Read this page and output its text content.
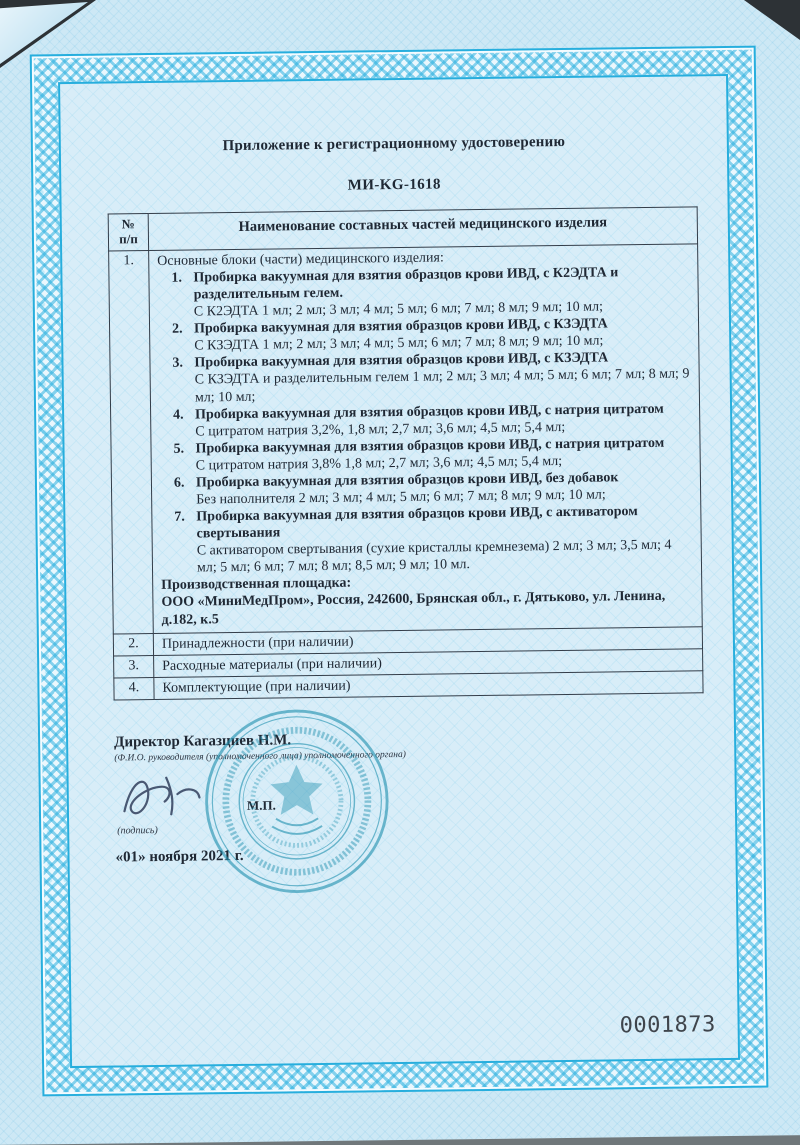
Приложение к регистрационному удостоверению
МИ-KG-1618
№
п/п	Наименование составных частей медицинского изделия
1.	Основные блоки (части) медицинского изделия:
1. Пробирка вакуумная для взятия образцов крови ИВД, с К2ЭДТА и разделительным гелем.
С К2ЭДТА 1 мл; 2 мл; 3 мл; 4 мл; 5 мл; 6 мл; 7 мл; 8 мл; 9 мл; 10 мл;
2. Пробирка вакуумная для взятия образцов крови ИВД, с КЗЭДТА
С КЗЭДТА 1 мл; 2 мл; 3 мл; 4 мл; 5 мл; 6 мл; 7 мл; 8 мл; 9 мл; 10 мл;
3. Пробирка вакуумная для взятия образцов крови ИВД, с КЗЭДТА
С КЗЭДТА и разделительным гелем 1 мл; 2 мл; 3 мл; 4 мл; 5 мл; 6 мл; 7 мл; 8 мл; 9 мл; 10 мл;
4. Пробирка вакуумная для взятия образцов крови ИВД, с натрия цитратом
С цитратом натрия 3,2%, 1,8 мл; 2,7 мл; 3,6 мл; 4,5 мл; 5,4 мл;
5. Пробирка вакуумная для взятия образцов крови ИВД, с натрия цитратом
С цитратом натрия 3,8% 1,8 мл; 2,7 мл; 3,6 мл; 4,5 мл; 5,4 мл;
6. Пробирка вакуумная для взятия образцов крови ИВД, без добавок
Без наполнителя 2 мл; 3 мл; 4 мл; 5 мл; 6 мл; 7 мл; 8 мл; 9 мл; 10 мл;
7. Пробирка вакуумная для взятия образцов крови ИВД, с активатором свертывания
С активатором свертывания (сухие кристаллы кремнезема) 2 мл; 3 мл; 3,5 мл; 4 мл; 5 мл; 6 мл; 7 мл; 8 мл; 8,5 мл; 9 мл; 10 мл.
Производственная площадка:
ООО «МиниМедПром», Россия, 242600, Брянская обл., г. Дятьково, ул. Ленина, д.182, к.5

2.	Принадлежности (при наличии)
3.	Расходные материалы (при наличии)
4.	Комплектующие (при наличии)
Директор Кагазциев Н.М.
(Ф.И.О. руководителя (уполномоченного лица) уполномоченного органа)
М.П.
(подпись)
«01» ноября 2021 г.
0001873
